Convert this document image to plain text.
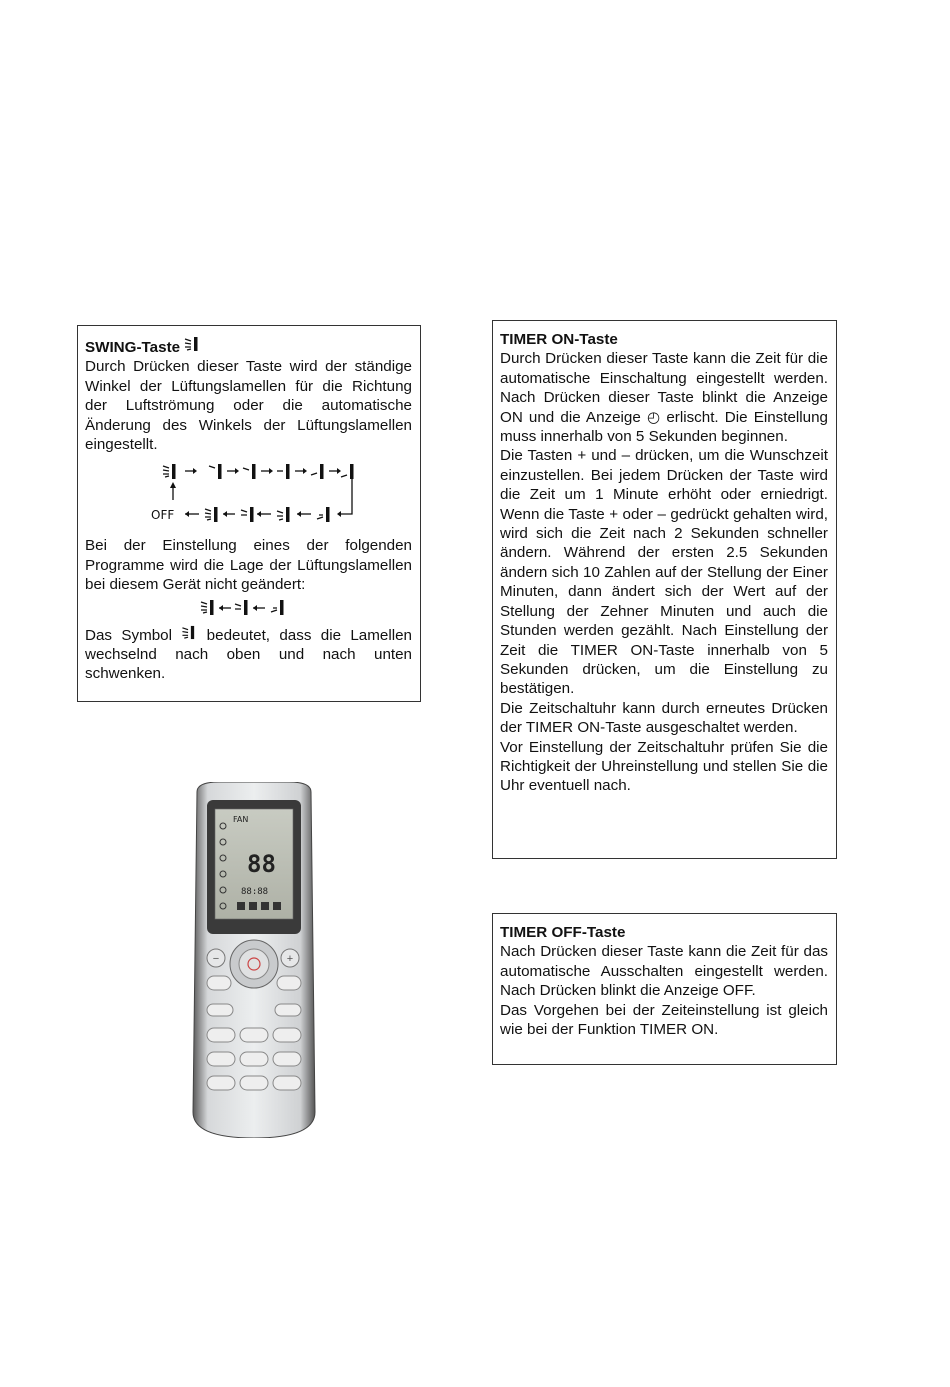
SWING-Taste

Durch Drücken dieser Taste wird der ständige Winkel der Lüftungslamellen für die Richtung der Luftströmung oder die automatische Änderung des Winkels der Lüftungslamellen eingestellt.

OFF

Bei der Einstellung eines der folgenden Programme wird die Lage der Lüftungslamellen bei diesem Gerät nicht geändert:

Das Symbol bedeutet, dass die Lamellen wechselnd nach oben und nach unten schwenken.

TIMER ON-Taste

Durch Drücken dieser Taste kann die Zeit für die automatische Einschaltung eingestellt werden. Nach Drücken dieser Taste blinkt die Anzeige ON und die Anzeige ◴ erlischt. Die Einstellung muss innerhalb von 5 Sekunden beginnen.

Die Tasten + und – drücken, um die Wunschzeit einzustellen. Bei jedem Drücken der Taste wird die Zeit um 1 Minute erhöht oder erniedrigt. Wenn die Taste + oder – gedrückt gehalten wird, wird sich die Zeit nach 2 Sekunden schneller ändern. Während der ersten 2.5 Sekunden ändern sich 10 Zahlen auf der Stellung der Einer Minuten, dann ändert sich der Wert auf der Stellung der Zehner Minuten und auch die Stunden werden gezählt. Nach Einstellung der Zeit die TIMER ON-Taste innerhalb von 5 Sekunden drücken, um die Einstellung zu bestätigen.

Die Zeitschaltuhr kann durch erneutes Drücken der TIMER ON-Taste ausgeschaltet werden.

Vor Einstellung der Zeitschaltuhr prüfen Sie die Richtigkeit der Uhreinstellung und stellen Sie die Uhr eventuell nach.

TIMER OFF-Taste

Nach Drücken dieser Taste kann die Zeit für das automatische Ausschalten eingestellt werden. Nach Drücken blinkt die Anzeige OFF.

Das Vorgehen bei der Zeiteinstellung ist gleich wie bei der Funktion TIMER ON.

FAN
88
88:88
−	+
